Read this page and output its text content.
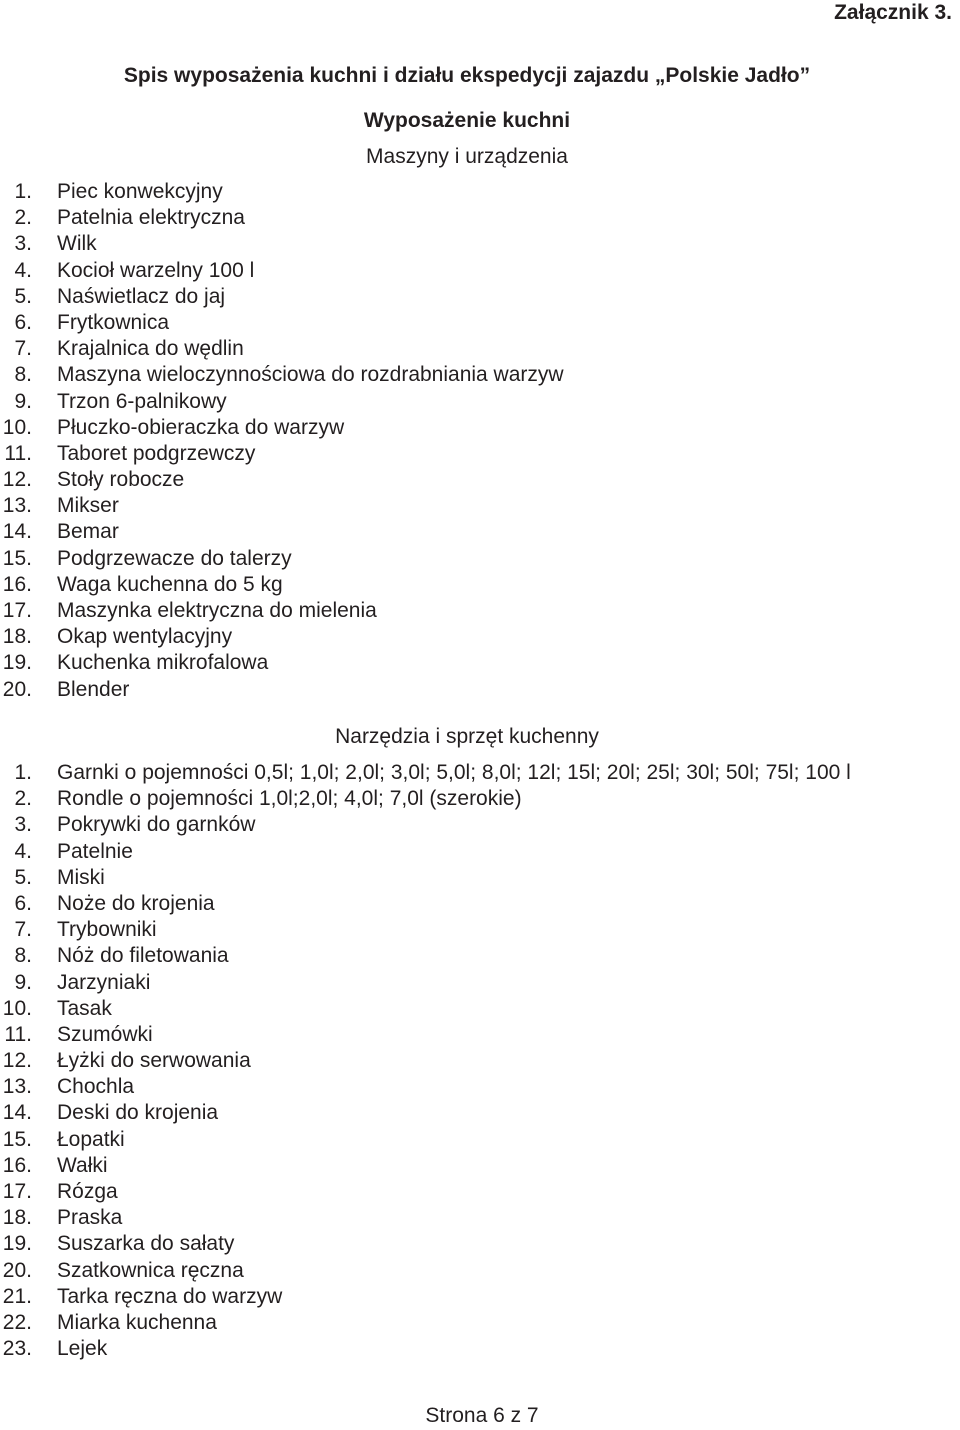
Załącznik 3.
Spis wyposażenia kuchni i działu ekspedycji zajazdu „Polskie Jadło”
Wyposażenie kuchni
Maszyny i urządzenia
1.	Piec konwekcyjny
2.	Patelnia elektryczna
3.	Wilk
4.	Kocioł warzelny 100 l
5.	Naświetlacz do jaj
6.	Frytkownica
7.	Krajalnica do wędlin
8.	Maszyna wieloczynnościowa do rozdrabniania warzyw
9.	Trzon 6-palnikowy
10.	Płuczko-obieraczka do warzyw
11.	Taboret podgrzewczy
12.	Stoły robocze
13.	Mikser
14.	Bemar
15.	Podgrzewacze do talerzy
16.	Waga kuchenna do 5 kg
17.	Maszynka elektryczna do mielenia
18.	Okap wentylacyjny
19.	Kuchenka mikrofalowa
20.	Blender
Narzędzia i sprzęt kuchenny
1.	Garnki o pojemności 0,5l; 1,0l; 2,0l; 3,0l; 5,0l; 8,0l; 12l; 15l; 20l; 25l; 30l; 50l; 75l; 100 l
2.	Rondle o pojemności 1,0l;2,0l; 4,0l; 7,0l (szerokie)
3.	Pokrywki do garnków
4.	Patelnie
5.	Miski
6.	Noże do krojenia
7.	Trybowniki
8.	Nóż do filetowania
9.	Jarzyniaki
10.	Tasak
11.	Szumówki
12.	Łyżki do serwowania
13.	Chochla
14.	Deski do krojenia
15.	Łopatki
16.	Wałki
17.	Rózga
18.	Praska
19.	Suszarka do sałaty
20.	Szatkownica ręczna
21.	Tarka ręczna do warzyw
22.	Miarka kuchenna
23.	Lejek
Strona 6 z 7
